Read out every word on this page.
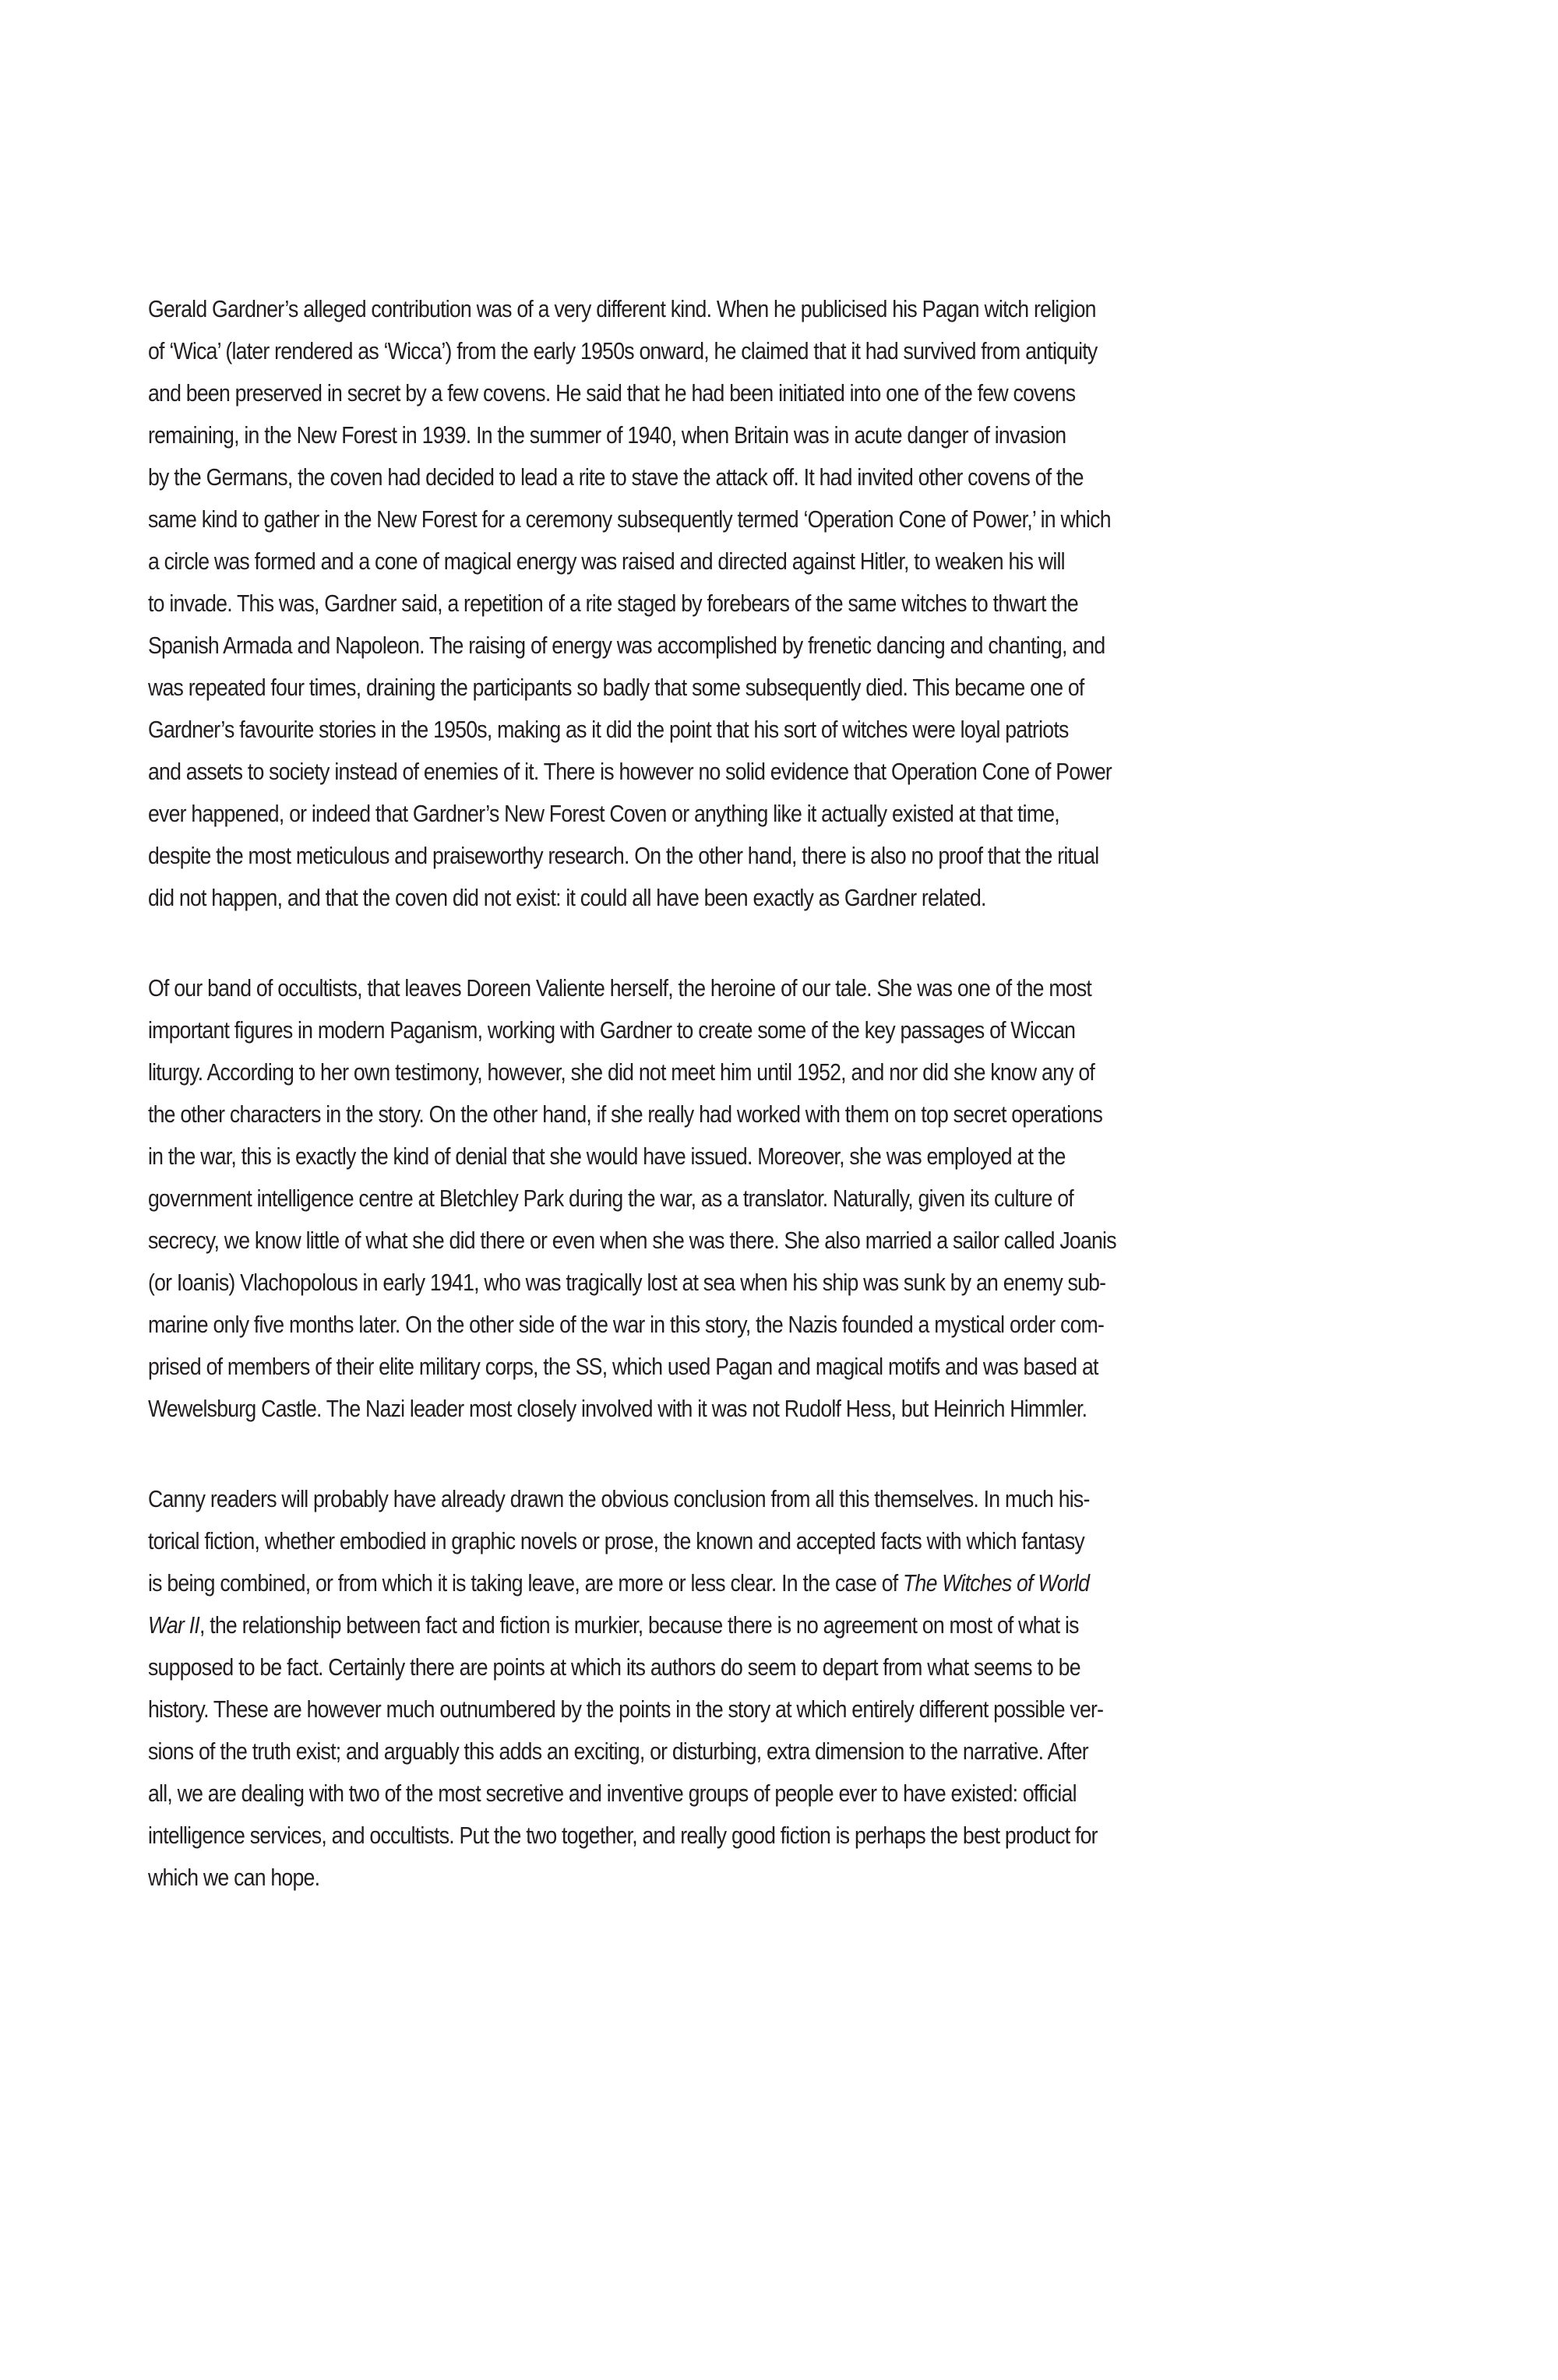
Gerald Gardner’s alleged contribution was of a very different kind. When he publicised his Pagan witch religion
of ‘Wica’ (later rendered as ‘Wicca’) from the early 1950s onward, he claimed that it had survived from antiquity
and been preserved in secret by a few covens. He said that he had been initiated into one of the few covens
remaining, in the New Forest in 1939. In the summer of 1940, when Britain was in acute danger of invasion
by the Germans, the coven had decided to lead a rite to stave the attack off. It had invited other covens of the
same kind to gather in the New Forest for a ceremony subsequently termed ‘Operation Cone of Power,’ in which
a circle was formed and a cone of magical energy was raised and directed against Hitler, to weaken his will
to invade. This was, Gardner said, a repetition of a rite staged by forebears of the same witches to thwart the
Spanish Armada and Napoleon. The raising of energy was accomplished by frenetic dancing and chanting, and
was repeated four times, draining the participants so badly that some subsequently died. This became one of
Gardner’s favourite stories in the 1950s, making as it did the point that his sort of witches were loyal patriots
and assets to society instead of enemies of it. There is however no solid evidence that Operation Cone of Power
ever happened, or indeed that Gardner’s New Forest Coven or anything like it actually existed at that time,
despite the most meticulous and praiseworthy research. On the other hand, there is also no proof that the ritual
did not happen, and that the coven did not exist: it could all have been exactly as Gardner related.

Of our band of occultists, that leaves Doreen Valiente herself, the heroine of our tale. She was one of the most
important figures in modern Paganism, working with Gardner to create some of the key passages of Wiccan
liturgy. According to her own testimony, however, she did not meet him until 1952, and nor did she know any of
the other characters in the story. On the other hand, if she really had worked with them on top secret operations
in the war, this is exactly the kind of denial that she would have issued. Moreover, she was employed at the
government intelligence centre at Bletchley Park during the war, as a translator. Naturally, given its culture of
secrecy, we know little of what she did there or even when she was there. She also married a sailor called Joanis
(or Ioanis) Vlachopolous in early 1941, who was tragically lost at sea when his ship was sunk by an enemy sub-
marine only five months later. On the other side of the war in this story, the Nazis founded a mystical order com-
prised of members of their elite military corps, the SS, which used Pagan and magical motifs and was based at
Wewelsburg Castle. The Nazi leader most closely involved with it was not Rudolf Hess, but Heinrich Himmler.

Canny readers will probably have already drawn the obvious conclusion from all this themselves. In much his-
torical fiction, whether embodied in graphic novels or prose, the known and accepted facts with which fantasy
is being combined, or from which it is taking leave, are more or less clear. In the case of The Witches of World
War II, the relationship between fact and fiction is murkier, because there is no agreement on most of what is
supposed to be fact. Certainly there are points at which its authors do seem to depart from what seems to be
history. These are however much outnumbered by the points in the story at which entirely different possible ver-
sions of the truth exist; and arguably this adds an exciting, or disturbing, extra dimension to the narrative. After
all, we are dealing with two of the most secretive and inventive groups of people ever to have existed: official
intelligence services, and occultists. Put the two together, and really good fiction is perhaps the best product for
which we can hope.
